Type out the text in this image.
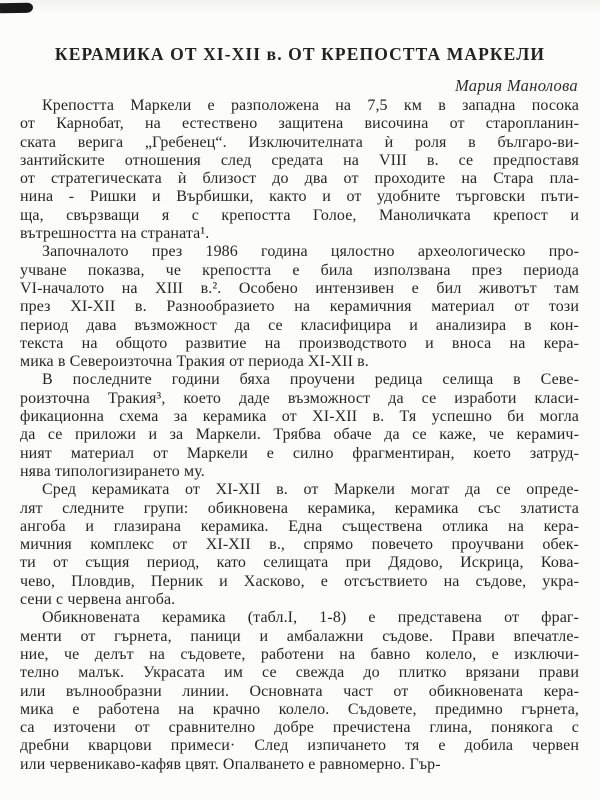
КЕРАМИКА ОТ XI-XII в. ОТ КРЕПОСТТА МАРКЕЛИ
Мария Манолова
Крепостта Маркели е разположена на 7,5 км в западна посока
от Карнобат, на естествено защитена височина от старопланин-
ската верига „Гребенец“. Изключителната ѝ роля в българо-ви-
зантийските отношения след средата на VIII в. се предпоставя
от стратегическата ѝ близост до два от проходите на Стара пла-
нина - Ришки и Върбишки, както и от удобните търговски пъти-
ща, свързващи я с крепостта Голое, Маноличката крепост и
вътрешността на страната¹.
Започналото през 1986 година цялостно археологическо про-
учване показва, че крепостта е била използвана през периода
VI-началото на XIII в.². Особено интензивен е бил животът там
през XI-XII в. Разнообразието на керамичния материал от този
период дава възможност да се класифицира и анализира в кон-
текста на общото развитие на производството и вноса на кера-
мика в Североизточна Тракия от периода XI-XII в.
В последните години бяха проучени редица селища в Севе-
роизточна Тракия³, което даде възможност да се изработи класи-
фикационна схема за керамика от XI-XII в. Тя успешно би могла
да се приложи и за Маркели. Трябва обаче да се каже, че керамич-
ният материал от Маркели е силно фрагментиран, което затруд-
нява типологизирането му.
Сред керамиката от XI-XII в. от Маркели могат да се опреде-
лят следните групи: обикновена керамика, керамика със златиста
ангоба и глазирана керамика. Една съществена отлика на кера-
мичния комплекс от XI-XII в., спрямо повечето проучвани обек-
ти от същия период, като селищата при Дядово, Искрица, Кова-
чево, Пловдив, Перник и Хасково, е отсъствието на съдове, укра-
сени с червена ангоба.
Обикновената керамика (табл.I, 1-8) е представена от фраг-
менти от гърнета, паници и амбалажни съдове. Прави впечатле-
ние, че делът на съдовете, работени на бавно колело, е изключи-
телно малък. Украсата им се свежда до плитко врязани прави
или вълнообразни линии. Основната част от обикновената кера-
мика е работена на крачно колело. Съдовете, предимно гърнета,
са източени от сравнително добре пречистена глина, понякога с
дребни кварцови примеси· След изпичането тя е добила червен
или червеникаво-кафяв цвят. Опалването е равномерно. Гър-
